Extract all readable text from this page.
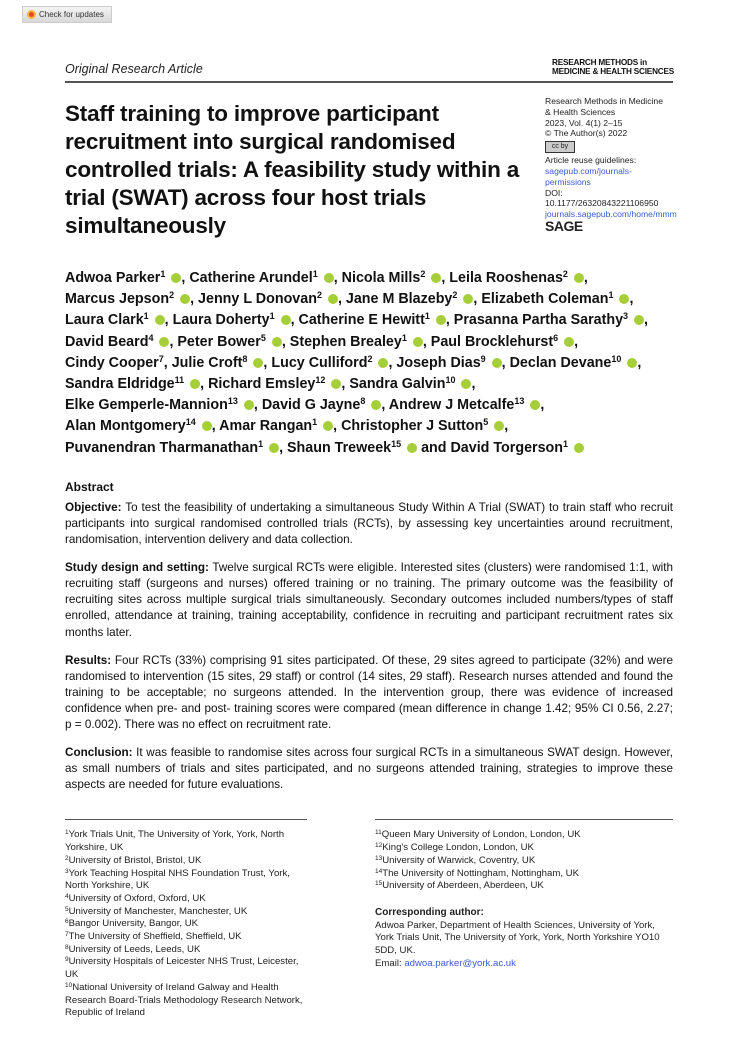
Check for updates
Original Research Article	RESEARCH METHODS in
MEDICINE & HEALTH SCIENCES
Research Methods in Medicine & Health Sciences
2023, Vol. 4(1) 2–15
© The Author(s) 2022
cc by
Article reuse guidelines:
sagepub.com/journals-permissions
DOI: 10.1177/26320843221106950
journals.sagepub.com/home/mmm
SAGE
Staff training to improve participant recruitment into surgical randomised controlled trials: A feasibility study within a trial (SWAT) across four host trials simultaneously
Adwoa Parker$^1$ , Catherine Arundel$^1$ , Nicola Mills$^2$ , Leila Rooshenas$^2$ ,
Marcus Jepson$^2$ , Jenny L Donovan$^2$ , Jane M Blazeby$^2$ , Elizabeth Coleman$^1$ ,
Laura Clark$^1$ , Laura Doherty$^1$ , Catherine E Hewitt$^1$ , Prasanna Partha Sarathy$^3$ ,
David Beard$^4$ , Peter Bower$^5$ , Stephen Brealey$^1$ , Paul Brocklehurst$^6$ ,
Cindy Cooper$^7$, Julie Croft$^8$ , Lucy Culliford$^2$ , Joseph Dias$^9$ , Declan Devane$^{10}$ ,
Sandra Eldridge$^{11}$ , Richard Emsley$^{12}$ , Sandra Galvin$^{10}$ ,
Elke Gemperle-Mannion$^{13}$ , David G Jayne$^8$ , Andrew J Metcalfe$^{13}$ ,
Alan Montgomery$^{14}$ , Amar Rangan$^1$ , Christopher J Sutton$^5$ ,
Puvanendran Tharmanathan$^1$ , Shaun Treweek$^{15}$  and David Torgerson$^1$
Abstract

Objective: To test the feasibility of undertaking a simultaneous Study Within A Trial (SWAT) to train staff who recruit participants into surgical randomised controlled trials (RCTs), by assessing key uncertainties around recruitment, randomisation, intervention delivery and data collection.

Study design and setting: Twelve surgical RCTs were eligible. Interested sites (clusters) were randomised 1:1, with recruiting staff (surgeons and nurses) offered training or no training. The primary outcome was the feasibility of recruiting sites across multiple surgical trials simultaneously. Secondary outcomes included numbers/types of staff enrolled, attendance at training, training acceptability, confidence in recruiting and participant recruitment rates six months later.

Results: Four RCTs (33%) comprising 91 sites participated. Of these, 29 sites agreed to participate (32%) and were randomised to intervention (15 sites, 29 staff) or control (14 sites, 29 staff). Research nurses attended and found the training to be acceptable; no surgeons attended. In the intervention group, there was evidence of increased confidence when pre- and post- training scores were compared (mean difference in change 1.42; 95% CI 0.56, 2.27; p = 0.002). There was no effect on recruitment rate.

Conclusion: It was feasible to randomise sites across four surgical RCTs in a simultaneous SWAT design. However, as small numbers of trials and sites participated, and no surgeons attended training, strategies to improve these aspects are needed for future evaluations.

$^1$York Trials Unit, The University of York, York, North Yorkshire, UK
$^2$University of Bristol, Bristol, UK
$^3$York Teaching Hospital NHS Foundation Trust, York, North Yorkshire, UK
$^4$University of Oxford, Oxford, UK
$^5$University of Manchester, Manchester, UK
$^6$Bangor University, Bangor, UK
$^7$The University of Sheffield, Sheffield, UK
$^8$University of Leeds, Leeds, UK
$^9$University Hospitals of Leicester NHS Trust, Leicester, UK
$^{10}$National University of Ireland Galway and Health Research Board-Trials Methodology Research Network, Republic of Ireland
$^{11}$Queen Mary University of London, London, UK
$^{12}$King's College London, London, UK
$^{13}$University of Warwick, Coventry, UK
$^{14}$The University of Nottingham, Nottingham, UK
$^{15}$University of Aberdeen, Aberdeen, UK
Corresponding author:
Adwoa Parker, Department of Health Sciences, University of York, York Trials Unit, The University of York, York, North Yorkshire YO10 5DD, UK.
Email: adwoa.parker@york.ac.uk
